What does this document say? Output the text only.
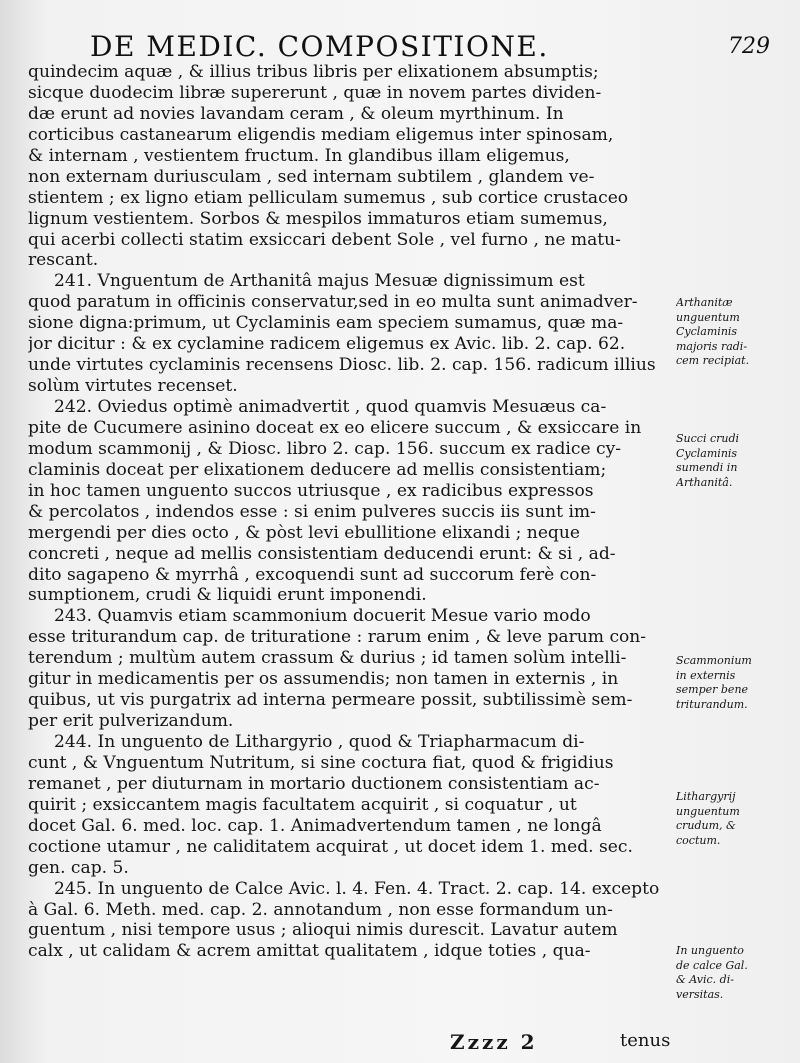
DE MEDIC. COMPOSITIONE.	729
quindecim aquæ , & illius tribus libris per elixationem absumptis;
sicque duodecim libræ supererunt , quæ in novem partes dividen-
dæ erunt ad novies lavandam ceram , & oleum myrthinum. In
corticibus castanearum eligendis mediam eligemus inter spinosam,
& internam , vestientem fructum. In glandibus illam eligemus,
non externam duriusculam , sed internam subtilem , glandem ve-
stientem ; ex ligno etiam pelliculam sumemus , sub cortice crustaceo
lignum vestientem. Sorbos & mespilos immaturos etiam sumemus,
qui acerbi collecti statim exsiccari debent Sole , vel furno , ne matu-
rescant.
241. Vnguentum de Arthanitâ majus Mesuæ dignissimum est
quod paratum in officinis conservatur,sed in eo multa sunt animadver-
sione digna:primum, ut Cyclaminis eam speciem sumamus, quæ ma-
jor dicitur : & ex cyclamine radicem eligemus ex Avic. lib. 2. cap. 62.
unde virtutes cyclaminis recensens Diosc. lib. 2. cap. 156. radicum illius
solùm virtutes recenset.
242. Oviedus optimè animadvertit , quod quamvis Mesuæus ca-
pite de Cucumere asinino doceat ex eo elicere succum , & exsiccare in
modum scammonij , & Diosc. libro 2. cap. 156. succum ex radice cy-
claminis doceat per elixationem deducere ad mellis consistentiam;
in hoc tamen unguento succos utriusque , ex radicibus expressos
& percolatos , indendos esse : si enim pulveres succis iis sunt im-
mergendi per dies octo , & pòst levi ebullitione elixandi ; neque
concreti , neque ad mellis consistentiam deducendi erunt: & si , ad-
dito sagapeno & myrrhâ , excoquendi sunt ad succorum ferè con-
sumptionem, crudi & liquidi erunt imponendi.
243. Quamvis etiam scammonium docuerit Mesue vario modo
esse triturandum cap. de trituratione : rarum enim , & leve parum con-
terendum ; multùm autem crassum & durius ; id tamen solùm intelli-
gitur in medicamentis per os assumendis; non tamen in externis , in
quibus, ut vis purgatrix ad interna permeare possit, subtilissimè sem-
per erit pulverizandum.
244. In unguento de Lithargyrio , quod & Triapharmacum di-
cunt , & Vnguentum Nutritum, si sine coctura fiat, quod & frigidius
remanet , per diuturnam in mortario ductionem consistentiam ac-
quirit ; exsiccantem magis facultatem acquirit , si coquatur , ut
docet Gal. 6. med. loc. cap. 1. Animadvertendum tamen , ne longâ
coctione utamur , ne caliditatem acquirat , ut docet idem 1. med. sec.
gen. cap. 5.
245. In unguento de Calce Avic. l. 4. Fen. 4. Tract. 2. cap. 14. excepto
à Gal. 6. Meth. med. cap. 2. annotandum , non esse formandum un-
guentum , nisi tempore usus ; alioqui nimis durescit. Lavatur autem
calx , ut calidam & acrem amittat qualitatem , idque toties , qua-
Arthanitæ
unguentum
Cyclaminis
majoris radi-
cem recipiat.
Succi crudi
Cyclaminis
sumendi in
Arthanitâ.
Scammonium
in externis
semper bene
triturandum.
Lithargyrij
unguentum
crudum, &
coctum.
In unguento
de calce Gal.
& Avic. di-
versitas.
Zzzz 2	tenus
